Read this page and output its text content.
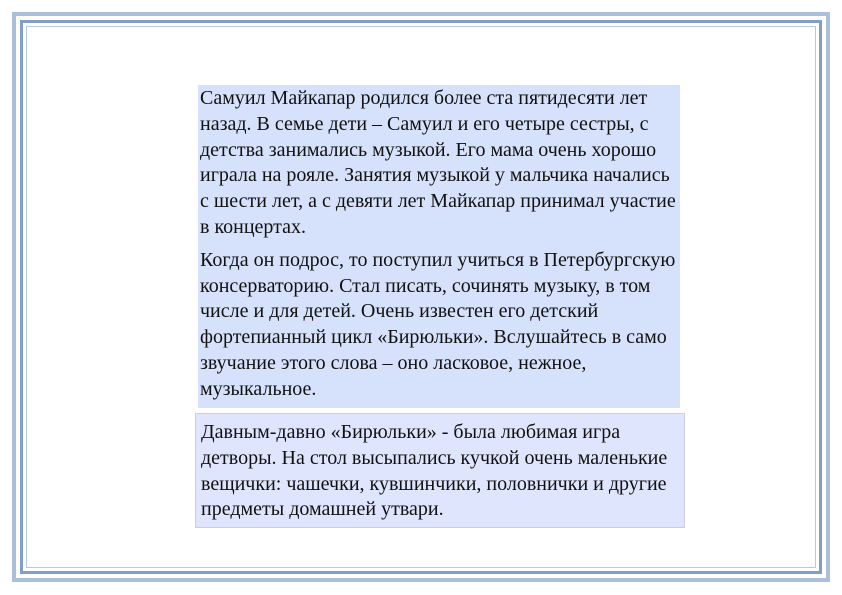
Самуил Майкапар родился более ста пятидесяти лет назад. В семье дети – Самуил и его четыре сестры, с детства занимались музыкой. Его мама очень хорошо играла на рояле. Занятия музыкой у мальчика начались с шести лет, а с девяти лет Майкапар принимал участие в концертах.

Когда он подрос, то поступил учиться в Петербургскую консерваторию. Стал писать, сочинять музыку, в том числе и для детей. Очень известен его детский фортепианный цикл «Бирюльки». Вслушайтесь в само звучание этого слова – оно ласковое, нежное, музыкальное.

Давным-давно «Бирюльки» - была любимая игра детворы. На стол высыпались кучкой очень маленькие вещички: чашечки, кувшинчики, половнички и другие предметы домашней утвари.
